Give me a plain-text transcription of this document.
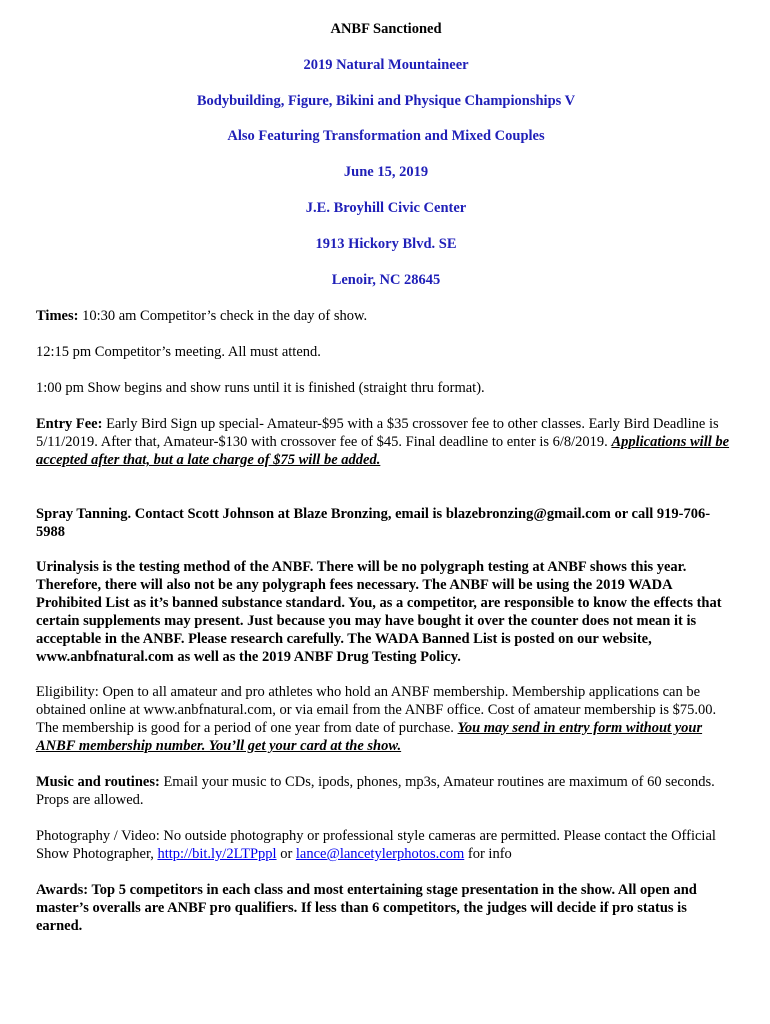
ANBF Sanctioned
2019 Natural Mountaineer
Bodybuilding, Figure, Bikini and Physique Championships V
Also Featuring Transformation and Mixed Couples
June 15, 2019
J.E. Broyhill Civic Center
1913 Hickory Blvd. SE
Lenoir, NC 28645

Times: 10:30 am Competitor’s check in the day of show.

12:15 pm Competitor’s meeting. All must attend.

1:00 pm Show begins and show runs until it is finished (straight thru format).

Entry Fee: Early Bird Sign up special- Amateur-$95 with a $35 crossover fee to other classes. Early Bird Deadline is 5/11/2019. After that, Amateur-$130 with crossover fee of $45. Final deadline to enter is 6/8/2019. Applications will be accepted after that, but a late charge of $75 will be added.

Spray Tanning. Contact Scott Johnson at Blaze Bronzing, email is blazebronzing@gmail.com or call 919-706-5988

Urinalysis is the testing method of the ANBF. There will be no polygraph testing at ANBF shows this year. Therefore, there will also not be any polygraph fees necessary. The ANBF will be using the 2019 WADA Prohibited List as it’s banned substance standard. You, as a competitor, are responsible to know the effects that certain supplements may present. Just because you may have bought it over the counter does not mean it is acceptable in the ANBF. Please research carefully. The WADA Banned List is posted on our website, www.anbfnatural.com as well as the 2019 ANBF Drug Testing Policy.

Eligibility: Open to all amateur and pro athletes who hold an ANBF membership. Membership applications can be obtained online at www.anbfnatural.com, or via email from the ANBF office. Cost of amateur membership is $75.00. The membership is good for a period of one year from date of purchase. You may send in entry form without your ANBF membership number. You’ll get your card at the show.

Music and routines: Email your music to CDs, ipods, phones, mp3s, Amateur routines are maximum of 60 seconds. Props are allowed.

Photography / Video: No outside photography or professional style cameras are permitted. Please contact the Official Show Photographer, http://bit.ly/2LTPppl or lance@lancetylerphotos.com for info

Awards: Top 5 competitors in each class and most entertaining stage presentation in the show. All open and master’s overalls are ANBF pro qualifiers. If less than 6 competitors, the judges will decide if pro status is earned.
